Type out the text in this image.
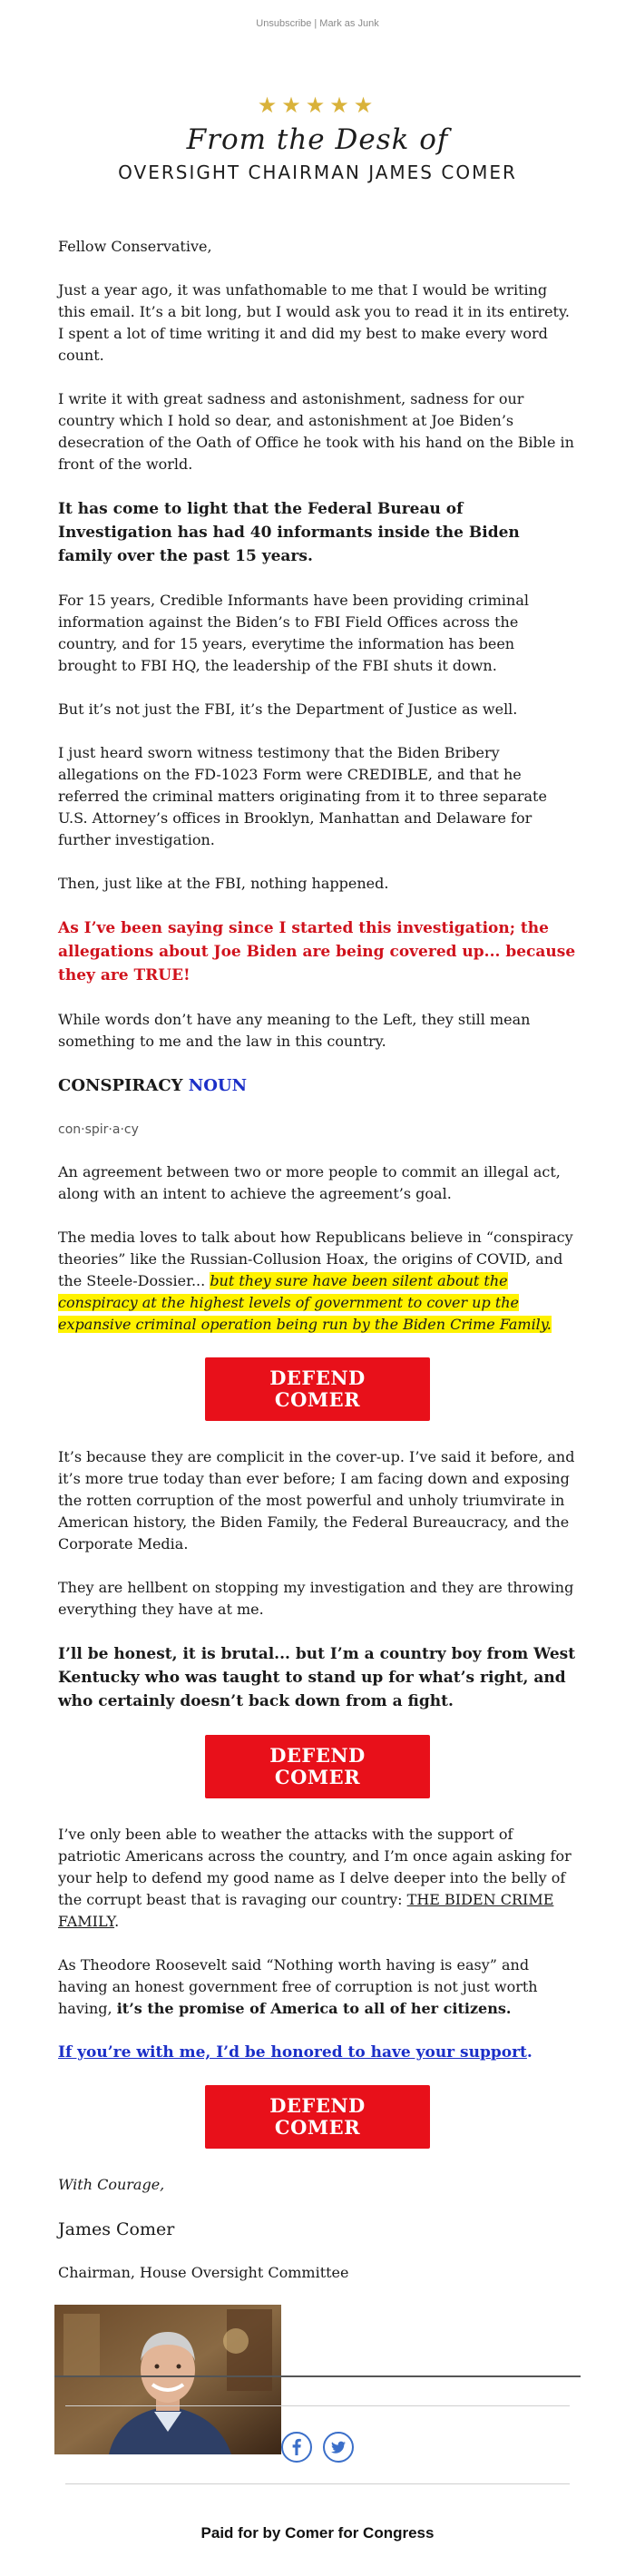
Unsubscribe | Mark as Junk
★★★★★
From the Desk of
OVERSIGHT CHAIRMAN JAMES COMER

Fellow Conservative,

Just a year ago, it was unfathomable to me that I would be writing this email. It’s a bit long, but I would ask you to read it in its entirety. I spent a lot of time writing it and did my best to make every word count.

I write it with great sadness and astonishment, sadness for our country which I hold so dear, and astonishment at Joe Biden’s desecration of the Oath of Office he took with his hand on the Bible in front of the world.

It has come to light that the Federal Bureau of Investigation has had 40 informants inside the Biden family over the past 15 years.

For 15 years, Credible Informants have been providing criminal information against the Biden’s to FBI Field Offices across the country, and for 15 years, everytime the information has been brought to FBI HQ, the leadership of the FBI shuts it down.

But it’s not just the FBI, it’s the Department of Justice as well.

I just heard sworn witness testimony that the Biden Bribery allegations on the FD-1023 Form were CREDIBLE, and that he referred the criminal matters originating from it to three separate U.S. Attorney’s offices in Brooklyn, Manhattan and Delaware for further investigation.

Then, just like at the FBI, nothing happened.

As I’ve been saying since I started this investigation; the allegations about Joe Biden are being covered up... because they are TRUE!

While words don’t have any meaning to the Left, they still mean something to me and the law in this country.

CONSPIRACY NOUN

con·spir·a·cy

An agreement between two or more people to commit an illegal act, along with an intent to achieve the agreement’s goal.

The media loves to talk about how Republicans believe in “conspiracy theories” like the Russian-Collusion Hoax, the origins of COVID, and the Steele-Dossier... but they sure have been silent about the conspiracy at the highest levels of government to cover up the expansive criminal operation being run by the Biden Crime Family.

DEFEND COMER

It’s because they are complicit in the cover-up. I’ve said it before, and it’s more true today than ever before; I am facing down and exposing the rotten corruption of the most powerful and unholy triumvirate in American history, the Biden Family, the Federal Bureaucracy, and the Corporate Media.

They are hellbent on stopping my investigation and they are throwing everything they have at me.

I’ll be honest, it is brutal... but I’m a country boy from West Kentucky who was taught to stand up for what’s right, and who certainly doesn’t back down from a fight.

DEFEND COMER

I’ve only been able to weather the attacks with the support of patriotic Americans across the country, and I’m once again asking for your help to defend my good name as I delve deeper into the belly of the corrupt beast that is ravaging our country: THE BIDEN CRIME FAMILY.

As Theodore Roosevelt said “Nothing worth having is easy” and having an honest government free of corruption is not just worth having, it’s the promise of America to all of her citizens.

If you’re with me, I’d be honored to have your support.

DEFEND COMER

With Courage,

James Comer

Chairman, House Oversight Committee

Paid for by Comer for Congress
